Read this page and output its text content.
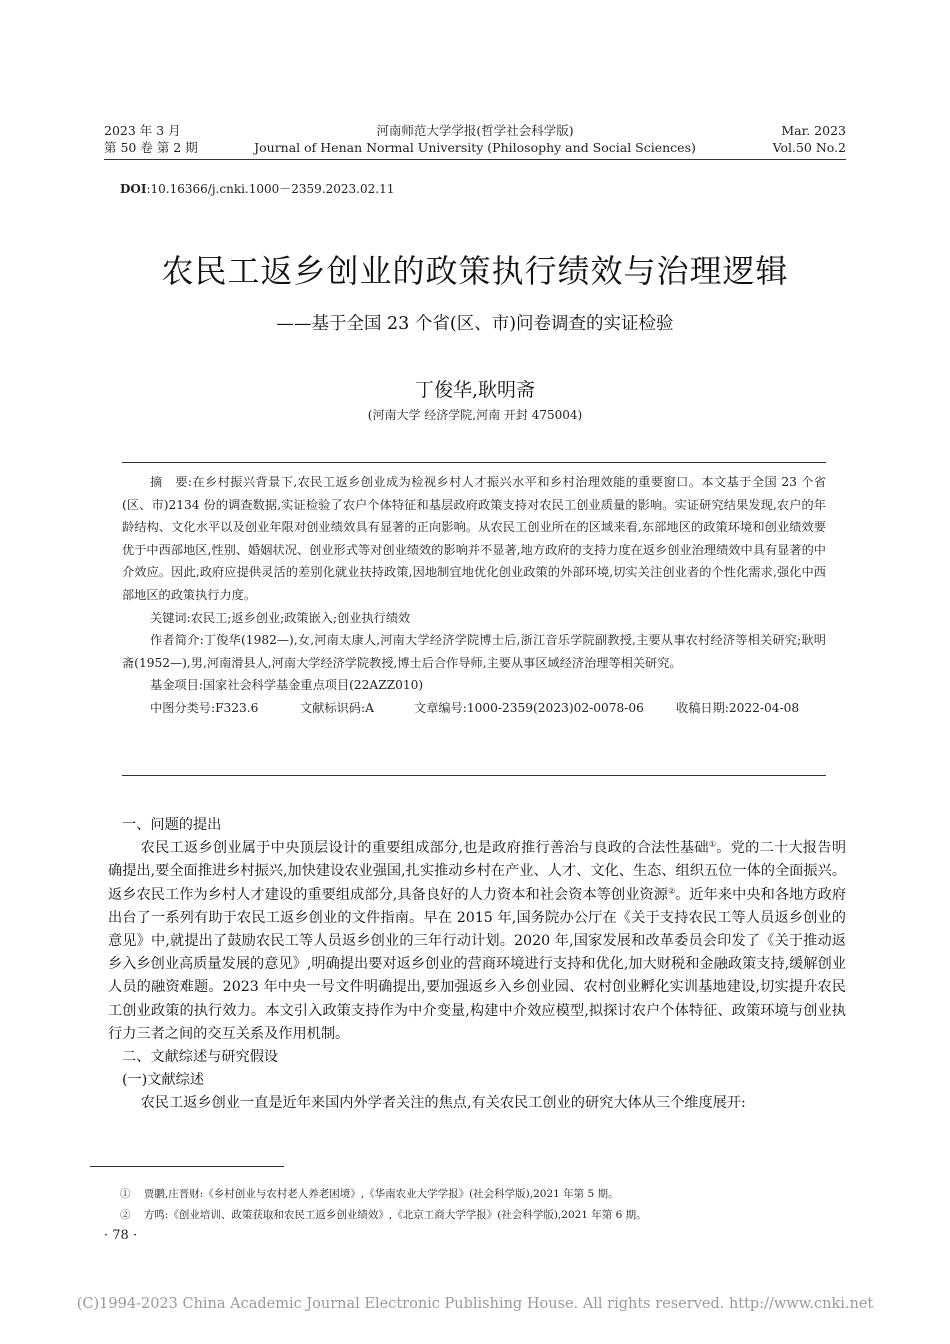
2023 年 3 月
第 50 卷 第 2 期
河南师范大学学报(哲学社会科学版)
Journal of Henan Normal University (Philosophy and Social Sciences)
Mar. 2023
Vol.50 No.2
DOI:10.16366/j.cnki.1000－2359.2023.02.11
农民工返乡创业的政策执行绩效与治理逻辑
——基于全国 23 个省(区、市)问卷调查的实证检验
丁俊华,耿明斋
(河南大学 经济学院,河南 开封 475004)

摘　要:在乡村振兴背景下,农民工返乡创业成为检视乡村人才振兴水平和乡村治理效能的重要窗口。本文基于全国 23 个省(区、市)2134 份的调查数据,实证检验了农户个体特征和基层政府政策支持对农民工创业质量的影响。实证研究结果发现,农户的年龄结构、文化水平以及创业年限对创业绩效具有显著的正向影响。从农民工创业所在的区域来看,东部地区的政策环境和创业绩效要优于中西部地区,性别、婚姻状况、创业形式等对创业绩效的影响并不显著,地方政府的支持力度在返乡创业治理绩效中具有显著的中介效应。因此,政府应提供灵活的差别化就业扶持政策,因地制宜地优化创业政策的外部环境,切实关注创业者的个性化需求,强化中西部地区的政策执行力度。

关键词:农民工;返乡创业;政策嵌入;创业执行绩效

作者简介:丁俊华(1982—),女,河南太康人,河南大学经济学院博士后,浙江音乐学院副教授,主要从事农村经济等相关研究;耿明斋(1952—),男,河南滑县人,河南大学经济学院教授,博士后合作导师,主要从事区域经济治理等相关研究。

基金项目:国家社会科学基金重点项目(22AZZ010)

中图分类号:F323.6	文献标识码:A	文章编号:1000-2359(2023)02-0078-06	收稿日期:2022-04-08

一、问题的提出

农民工返乡创业属于中央顶层设计的重要组成部分,也是政府推行善治与良政的合法性基础①。党的二十大报告明确提出,要全面推进乡村振兴,加快建设农业强国,扎实推动乡村在产业、人才、文化、生态、组织五位一体的全面振兴。返乡农民工作为乡村人才建设的重要组成部分,具备良好的人力资本和社会资本等创业资源②。近年来中央和各地方政府出台了一系列有助于农民工返乡创业的文件指南。早在 2015 年,国务院办公厅在《关于支持农民工等人员返乡创业的意见》中,就提出了鼓励农民工等人员返乡创业的三年行动计划。2020 年,国家发展和改革委员会印发了《关于推动返乡入乡创业高质量发展的意见》,明确提出要对返乡创业的营商环境进行支持和优化,加大财税和金融政策支持,缓解创业人员的融资难题。2023 年中央一号文件明确提出,要加强返乡入乡创业园、农村创业孵化实训基地建设,切实提升农民工创业政策的执行效力。本文引入政策支持作为中介变量,构建中介效应模型,拟探讨农户个体特征、政策环境与创业执行力三者之间的交互关系及作用机制。

二、文献综述与研究假设

(一)文献综述

农民工返乡创业一直是近年来国内外学者关注的焦点,有关农民工创业的研究大体从三个维度展开:

① 贾鹏,庄晋财:《乡村创业与农村老人养老困境》,《华南农业大学学报》(社会科学版),2021 年第 5 期。
② 方鸣:《创业培训、政策获取和农民工返乡创业绩效》,《北京工商大学学报》(社会科学版),2021 年第 6 期。
· 78 ·
(C)1994-2023 China Academic Journal Electronic Publishing House. All rights reserved. http://www.cnki.net
